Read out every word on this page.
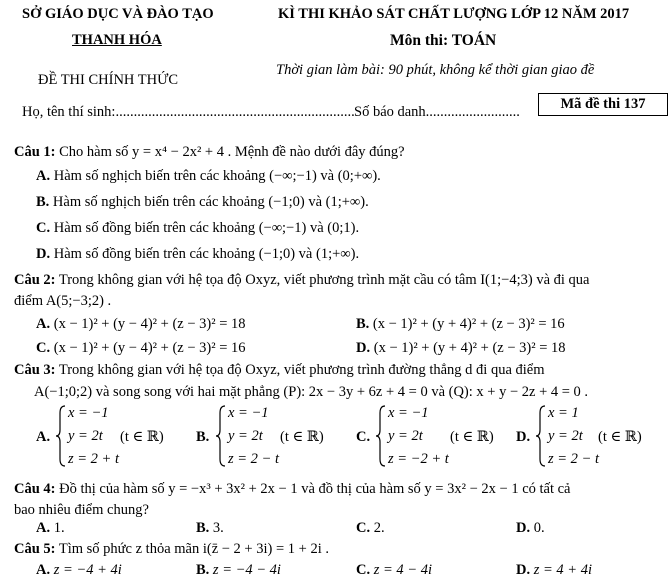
SỞ GIÁO DỤC VÀ ĐÀO TẠO
THANH HÓA
ĐỀ THI CHÍNH THỨC
KÌ THI KHẢO SÁT CHẤT LƯỢNG LỚP 12 NĂM 2017
Môn thi: TOÁN
Thời gian làm bài: 90 phút, không kể thời gian giao đề
Họ, tên thí sinh:.................................................................. Số báo danh..........................	Mã đề thi 137
Câu 1: Cho hàm số y = x⁴ − 2x² + 4 . Mệnh đề nào dưới đây đúng?
A. Hàm số nghịch biến trên các khoảng (−∞;−1) và (0;+∞).
B. Hàm số nghịch biến trên các khoảng (−1;0) và (1;+∞).
C. Hàm số đồng biến trên các khoảng (−∞;−1) và (0;1).
D. Hàm số đồng biến trên các khoảng (−1;0) và (1;+∞).
Câu 2: Trong không gian với hệ tọa độ Oxyz, viết phương trình mặt cầu có tâm I(1;−4;3) và đi qua
điểm A(5;−3;2) .
A. (x − 1)² + (y − 4)² + (z − 3)² = 18	B. (x − 1)² + (y + 4)² + (z − 3)² = 16
C. (x − 1)² + (y − 4)² + (z − 3)² = 16	D. (x − 1)² + (y + 4)² + (z − 3)² = 18
Câu 3: Trong không gian với hệ tọa độ Oxyz, viết phương trình đường thẳng d đi qua điểm
A(−1;0;2) và song song với hai mặt phẳng (P): 2x − 3y + 6z + 4 = 0 và (Q): x + y − 2z + 4 = 0 .
A.
x = −1
y = 2t
z = 2 + t
(t ∈ ℝ) B.
x = −1
y = 2t
z = 2 − t
(t ∈ ℝ) C.
x = −1
y = 2t
z = −2 + t
(t ∈ ℝ) D.
x = 1
y = 2t
z = 2 − t
(t ∈ ℝ)
Câu 4: Đồ thị của hàm số y = −x³ + 3x² + 2x − 1 và đồ thị của hàm số y = 3x² − 2x − 1 có tất cả
bao nhiêu điểm chung?
A. 1.	B. 3.	C. 2.	D. 0.
Câu 5: Tìm số phức z thỏa mãn i(z̄ − 2 + 3i) = 1 + 2i .
A. z = −4 + 4i	B. z = −4 − 4i	C. z = 4 − 4i	D. z = 4 + 4i
